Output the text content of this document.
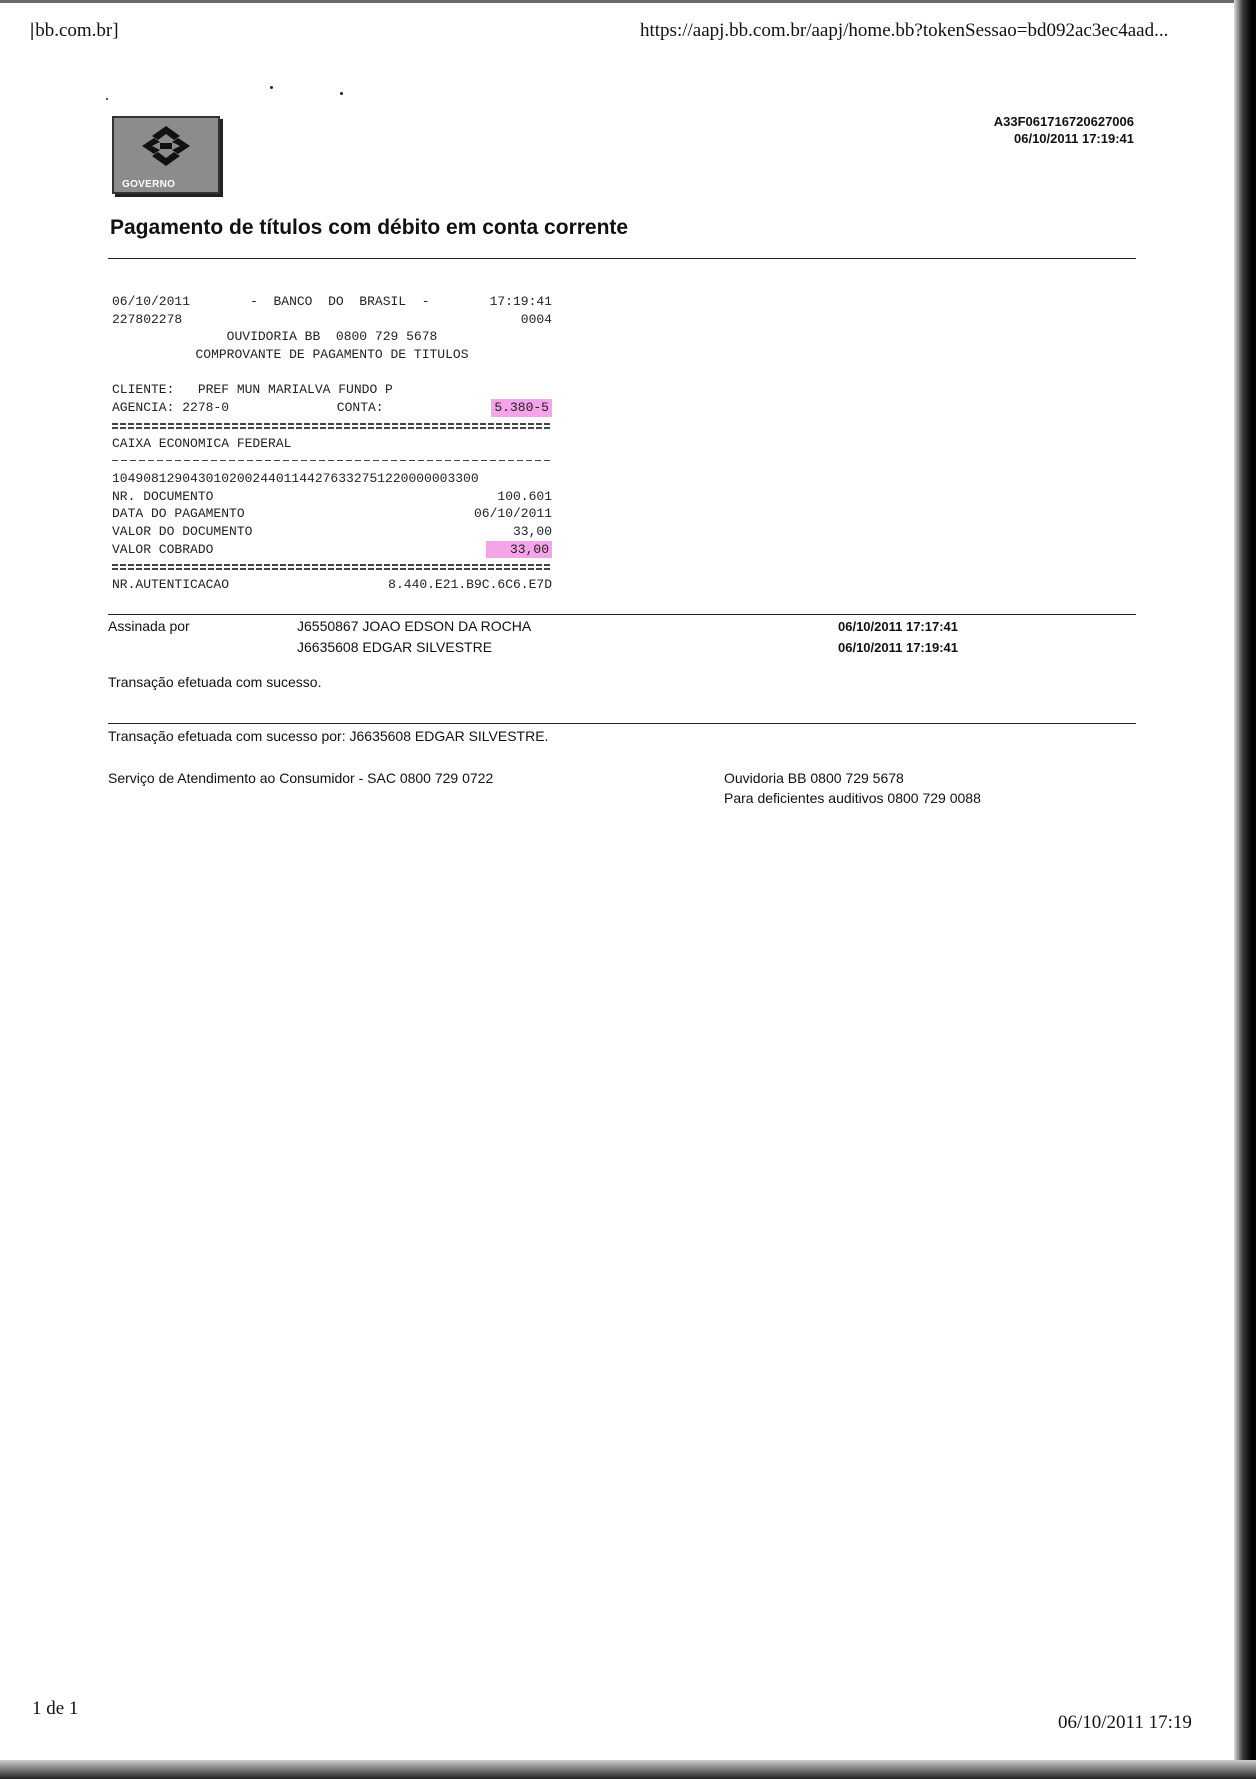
|bb.com.br]	https://aapj.bb.com.br/aapj/home.bb?tokenSessao=bd092ac3ec4aad...
GOVERNO
A33F061716720627006
06/10/2011 17:19:41
Pagamento de títulos com débito em conta corrente
06/10/2011	-  BANCO  DO  BRASIL  -	17:19:41
227802278	0004
OUVIDORIA BB  0800 729 5678
COMPROVANTE DE PAGAMENTO DE TITULOS
CLIENTE:
PREF MUN MARIALVA FUNDO P
AGENCIA: 2278-0	CONTA:	5.380-5
CAIXA ECONOMICA FEDERAL
10490812904301020024401144276332751220000003300
NR. DOCUMENTO	100.601
DATA DO PAGAMENTO	06/10/2011
VALOR DO DOCUMENTO	33,00
VALOR COBRADO	33,00
NR.AUTENTICACAO	8.440.E21.B9C.6C6.E7D
Assinada por	J6550867 JOAO EDSON DA ROCHA	06/10/2011 17:17:41
J6635608 EDGAR SILVESTRE	06/10/2011 17:19:41
Transação efetuada com sucesso.
Transação efetuada com sucesso por: J6635608 EDGAR SILVESTRE.
Serviço de Atendimento ao Consumidor - SAC 0800 729 0722	Ouvidoria BB 0800 729 5678
Para deficientes auditivos 0800 729 0088
1 de 1
06/10/2011 17:19
